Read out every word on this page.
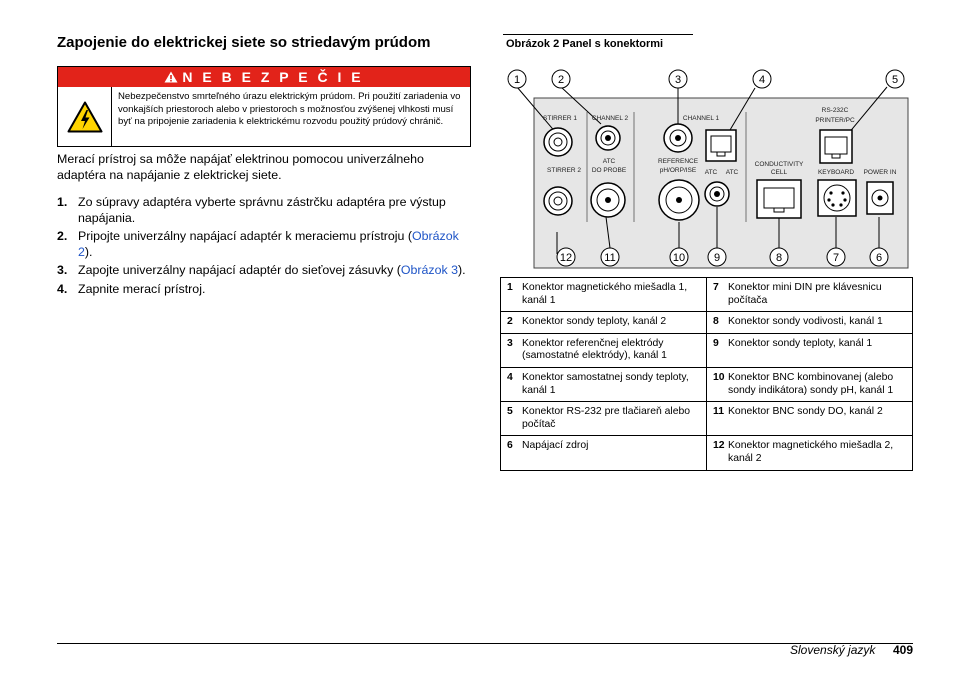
Zapojenie do elektrickej siete so striedavým prúdom
N E B E Z P E Č I E
Nebezpečenstvo smrteľného úrazu elektrickým prúdom. Pri použití zariadenia vo vonkajších priestoroch alebo v priestoroch s možnosťou zvýšenej vlhkosti musí byť na pripojenie zariadenia k elektrickému rozvodu použitý prúdový chránič.
Merací prístroj sa môže napájať elektrinou pomocou univerzálneho adaptéra na napájanie z elektrickej siete.
1. Zo súpravy adaptéra vyberte správnu zástrčku adaptéra pre výstup napájania.
2. Pripojte univerzálny napájací adaptér k meraciemu prístroju (Obrázok 2).
3. Zapojte univerzálny napájací adaptér do sieťovej zásuvky (Obrázok 3).
4. Zapnite merací prístroj.
Obrázok 2 Panel s konektormi
1	2	3	4	5
12	11	10	9	8	7	6
STIRRER 1
STIRRER 2
CHANNEL 2
ATC
DO PROBE
CHANNEL 1
REFERENCE
pH/ORP/ISE ATC ATC
CONDUCTIVITY
CELL
RS-232C
PRINTER/PC
KEYBOARD POWER IN
1 Konektor magnetického miešadla 1, kanál 1	7 Konektor mini DIN pre klávesnicu počítača
2 Konektor sondy teploty, kanál 2	8 Konektor sondy vodivosti, kanál 1
3 Konektor referenčnej elektródy (samostatné elektródy), kanál 1	9 Konektor sondy teploty, kanál 1
4 Konektor samostatnej sondy teploty, kanál 1	10 Konektor BNC kombinovanej (alebo sondy indikátora) sondy pH, kanál 1
5 Konektor RS-232 pre tlačiareň alebo počítač	11 Konektor BNC sondy DO, kanál 2
6 Napájací zdroj	12 Konektor magnetického miešadla 2, kanál 2
Slovenský jazyk 409
